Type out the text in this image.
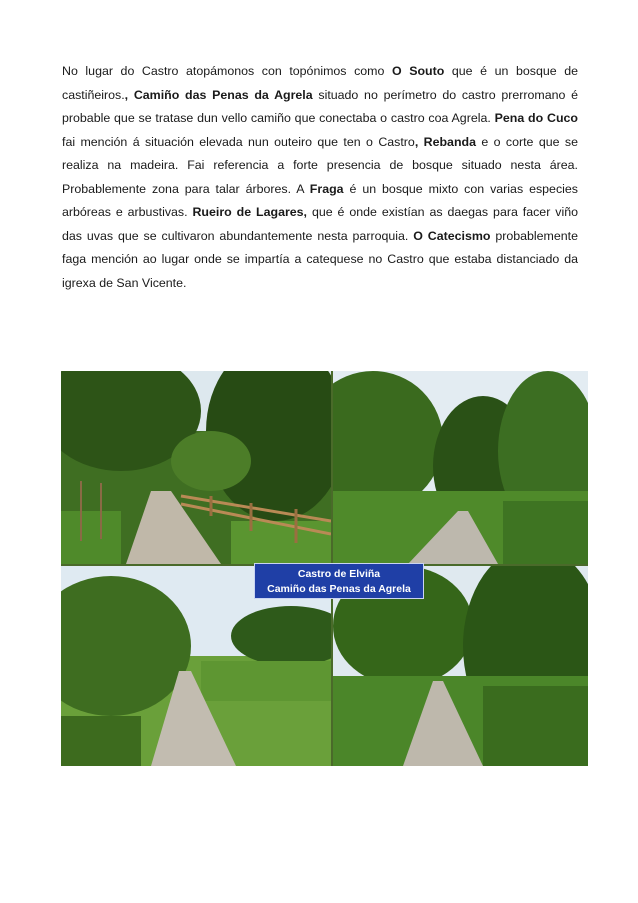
No lugar do Castro atopámonos con topónimos como O Souto que é un bosque de castiñeiros., Camiño das Penas da Agrela situado no perímetro do castro prerromano é probable que se tratase dun vello camiño que conectaba o castro coa Agrela. Pena do Cuco fai mención á situación elevada nun outeiro que ten o Castro, Rebanda e o corte que se realiza na madeira. Fai referencia a forte presencia de bosque situado nesta área. Probablemente zona para talar árbores. A Fraga é un bosque mixto con varias especies arbóreas e arbustivas. Rueiro de Lagares, que é onde existían as daegas para facer viño das uvas que se cultivaron abundantemente nesta parroquia. O Catecismo probablemente faga mención ao lugar onde se impartía a catequese no Castro que estaba distanciado da igrexa de San Vicente.
Castro de Elviña
Camiño das Penas da Agrela
